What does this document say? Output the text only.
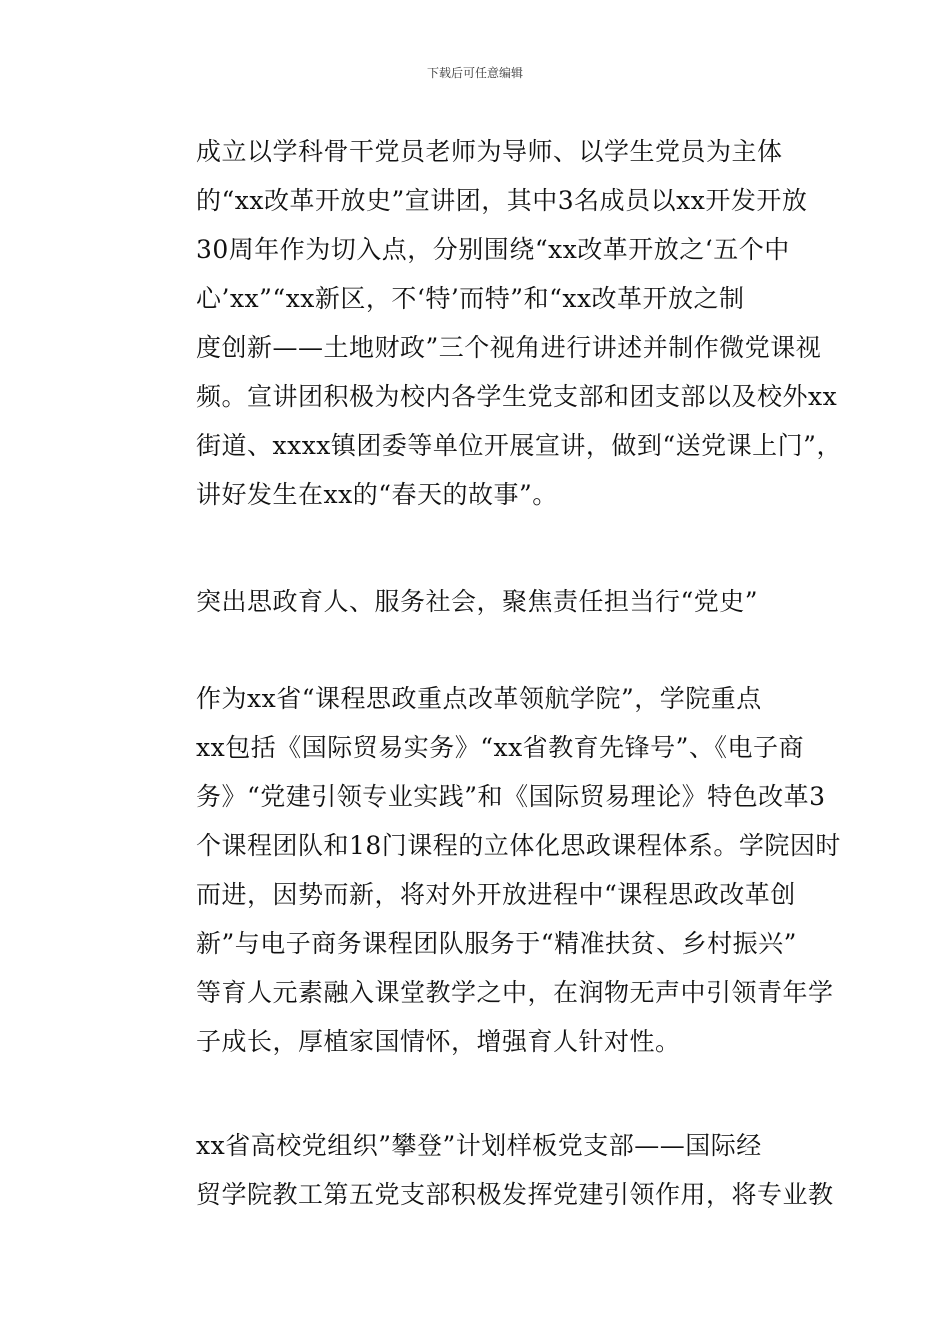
下载后可任意编辑

成立以学科骨干党员老师为导师、以学生党员为主体
的“xx改革开放史”宣讲团，其中3名成员以xx开发开放
30周年作为切入点，分别围绕“xx改革开放之‘五个中
心’xx”“xx新区，不‘特’而特”和“xx改革开放之制
度创新——土地财政”三个视角进行讲述并制作微党课视
频。宣讲团积极为校内各学生党支部和团支部以及校外xx
街道、xxxx镇团委等单位开展宣讲，做到“送党课上门”，
讲好发生在xx的“春天的故事”。

突出思政育人、服务社会，聚焦责任担当行“党史”

作为xx省“课程思政重点改革领航学院”，学院重点
xx包括《国际贸易实务》“xx省教育先锋号”、《电子商
务》“党建引领专业实践”和《国际贸易理论》特色改革3
个课程团队和18门课程的立体化思政课程体系。学院因时
而进，因势而新，将对外开放进程中“课程思政改革创
新”与电子商务课程团队服务于“精准扶贫、乡村振兴”
等育人元素融入课堂教学之中，在润物无声中引领青年学
子成长，厚植家国情怀，增强育人针对性。

xx省高校党组织”攀登”计划样板党支部——国际经
贸学院教工第五党支部积极发挥党建引领作用，将专业教
